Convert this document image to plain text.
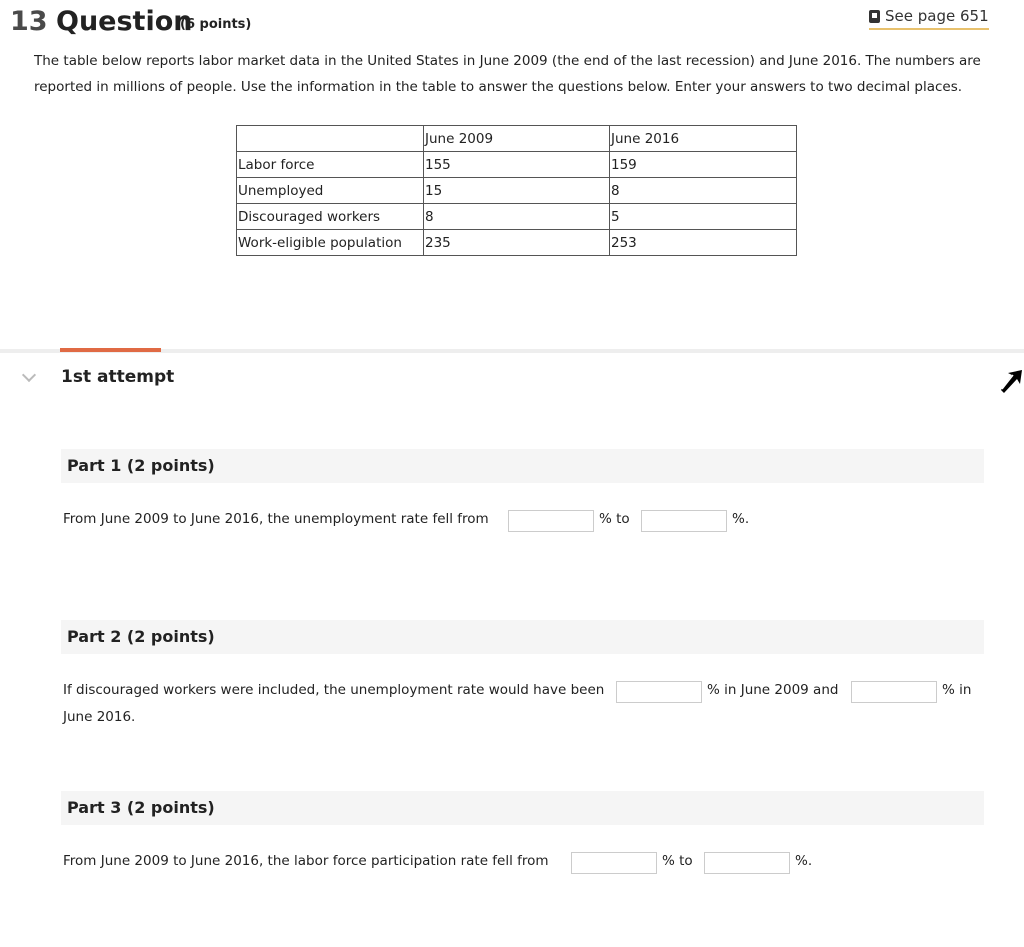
13 Question
(6 points)	See page 651
The table below reports labor market data in the United States in June 2009 (the end of the last recession) and June 2016. The numbers are reported in millions of people. Use the information in the table to answer the questions below. Enter your answers to two decimal places.
	June 2009	June 2016
Labor force	155	159
Unemployed	15	8
Discouraged workers	8	5
Work-eligible population	235	253
1st attempt
Part 1 (2 points)
From June 2009 to June 2016, the unemployment rate fell from	% to	%.
Part 2 (2 points)
If discouraged workers were included, the unemployment rate would have been	% in June 2009 and	% in
June 2016.
Part 3 (2 points)
From June 2009 to June 2016, the labor force participation rate fell from	% to	%.
